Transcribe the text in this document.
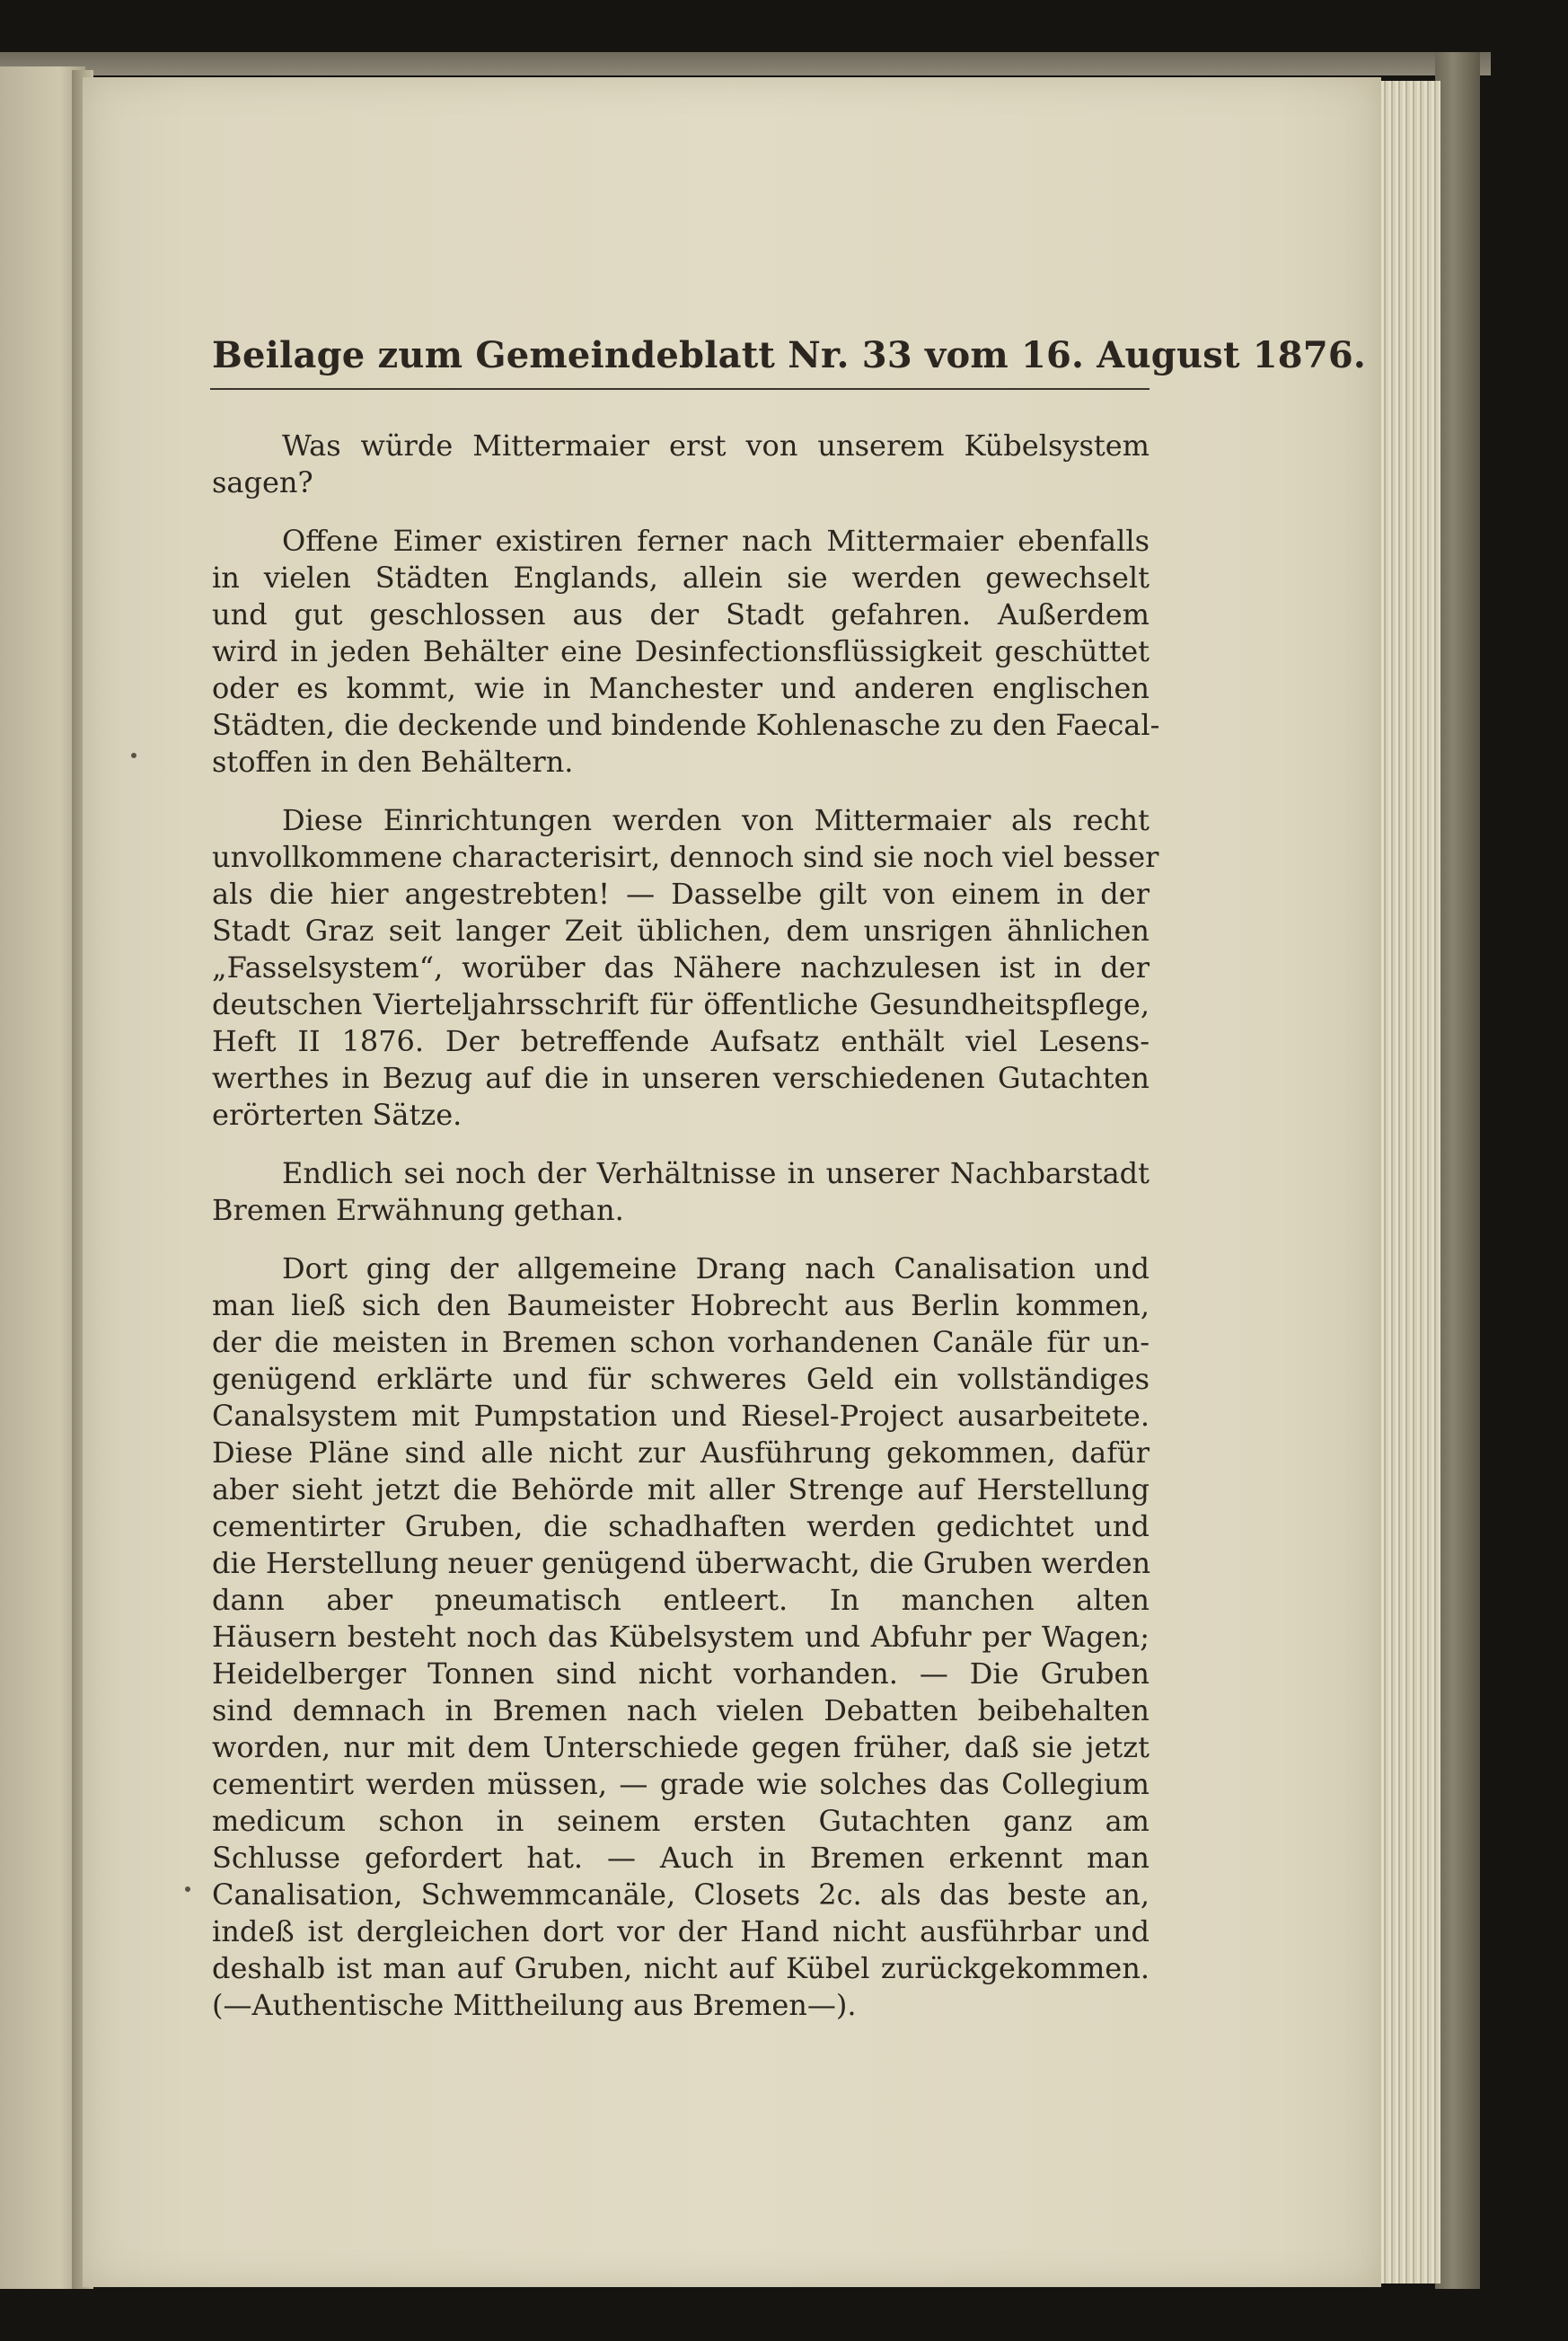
Beilage zum Gemeindeblatt Nr. 33 vom 16. August 1876.
Was würde Mittermaier erst von unserem Kübelsystem
sagen?
Offene Eimer existiren ferner nach Mittermaier ebenfalls
in vielen Städten Englands, allein sie werden gewechselt
und gut geschlossen aus der Stadt gefahren. Außerdem
wird in jeden Behälter eine Desinfectionsflüssigkeit geschüttet
oder es kommt, wie in Manchester und anderen englischen
Städten, die deckende und bindende Kohlenasche zu den Faecal-
stoffen in den Behältern.
Diese Einrichtungen werden von Mittermaier als recht
unvollkommene characterisirt, dennoch sind sie noch viel besser
als die hier angestrebten! — Dasselbe gilt von einem in der
Stadt Graz seit langer Zeit üblichen, dem unsrigen ähnlichen
„Fasselsystem“, worüber das Nähere nachzulesen ist in der
deutschen Vierteljahrsschrift für öffentliche Gesundheitspflege,
Heft II 1876. Der betreffende Aufsatz enthält viel Lesens-
werthes in Bezug auf die in unseren verschiedenen Gutachten
erörterten Sätze.
Endlich sei noch der Verhältnisse in unserer Nachbarstadt
Bremen Erwähnung gethan.
Dort ging der allgemeine Drang nach Canalisation und
man ließ sich den Baumeister Hobrecht aus Berlin kommen,
der die meisten in Bremen schon vorhandenen Canäle für un-
genügend erklärte und für schweres Geld ein vollständiges
Canalsystem mit Pumpstation und Riesel-Project ausarbeitete.
Diese Pläne sind alle nicht zur Ausführung gekommen, dafür
aber sieht jetzt die Behörde mit aller Strenge auf Herstellung
cementirter Gruben, die schadhaften werden gedichtet und
die Herstellung neuer genügend überwacht, die Gruben werden
dann aber pneumatisch entleert. In manchen alten
Häusern besteht noch das Kübelsystem und Abfuhr per Wagen;
Heidelberger Tonnen sind nicht vorhanden. — Die Gruben
sind demnach in Bremen nach vielen Debatten beibehalten
worden, nur mit dem Unterschiede gegen früher, daß sie jetzt
cementirt werden müssen, — grade wie solches das Collegium
medicum schon in seinem ersten Gutachten ganz am
Schlusse gefordert hat. — Auch in Bremen erkennt man
Canalisation, Schwemmcanäle, Closets 2c. als das beste an,
indeß ist dergleichen dort vor der Hand nicht ausführbar und
deshalb ist man auf Gruben, nicht auf Kübel zurückgekommen.
(—Authentische Mittheilung aus Bremen—).
